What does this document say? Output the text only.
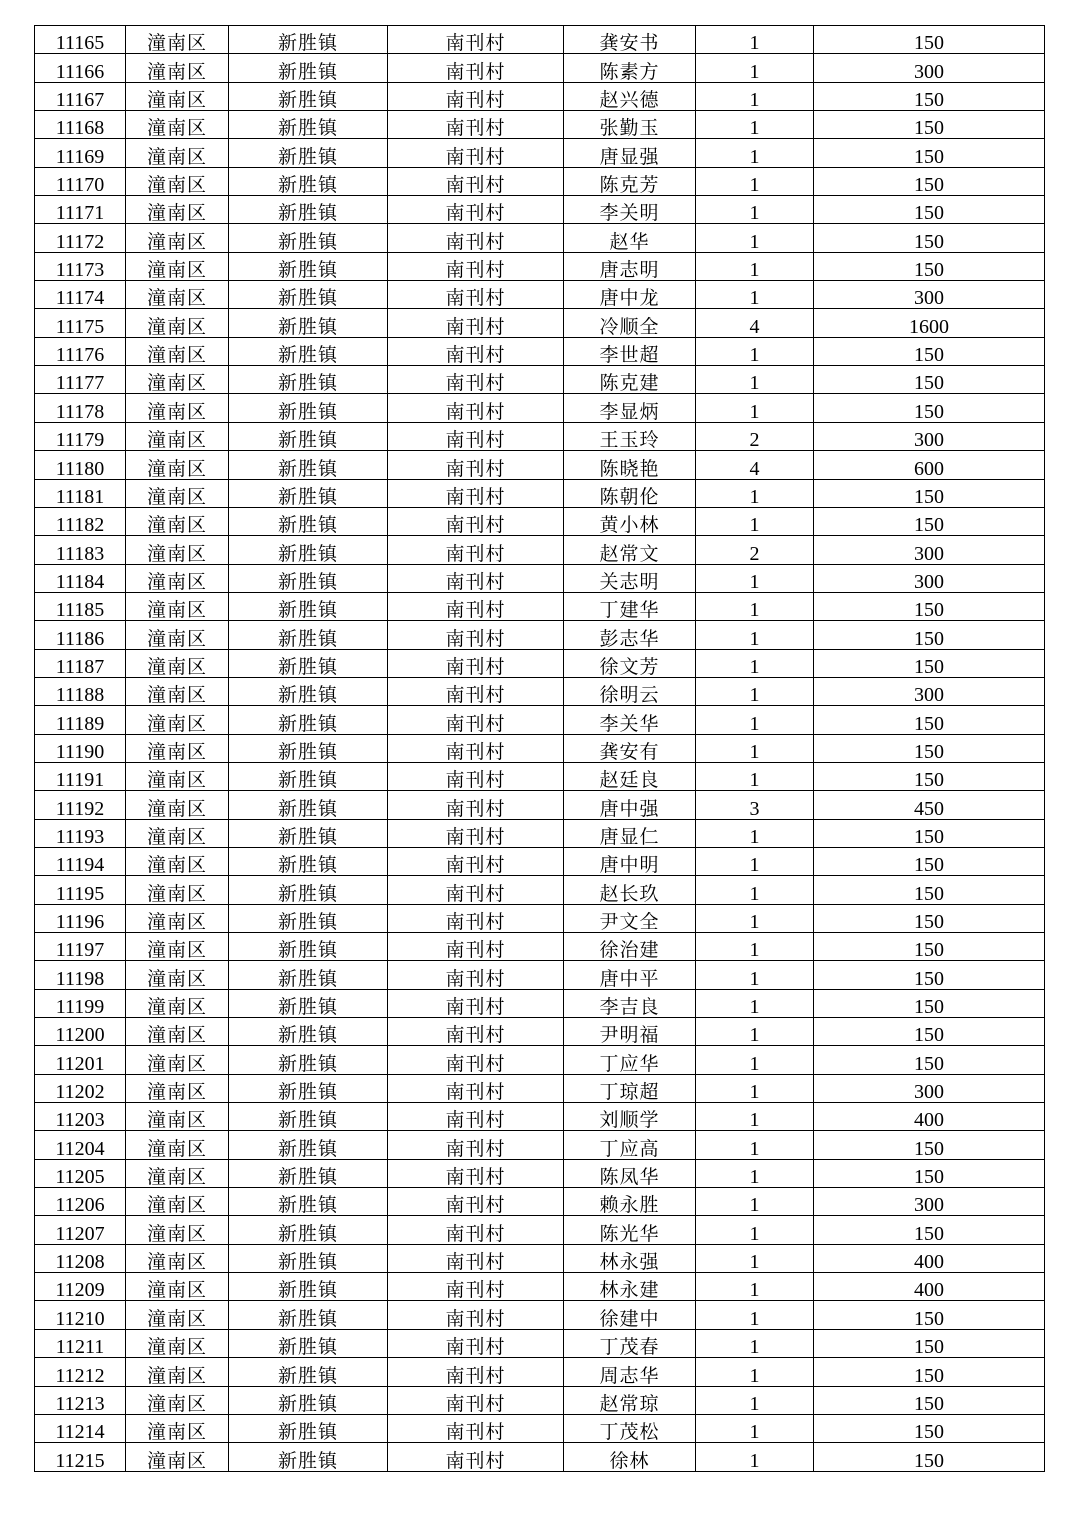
11165	潼南区	新胜镇	南刊村	龚安书	1	150
11166	潼南区	新胜镇	南刊村	陈素方	1	300
11167	潼南区	新胜镇	南刊村	赵兴德	1	150
11168	潼南区	新胜镇	南刊村	张勤玉	1	150
11169	潼南区	新胜镇	南刊村	唐显强	1	150
11170	潼南区	新胜镇	南刊村	陈克芳	1	150
11171	潼南区	新胜镇	南刊村	李关明	1	150
11172	潼南区	新胜镇	南刊村	赵华	1	150
11173	潼南区	新胜镇	南刊村	唐志明	1	150
11174	潼南区	新胜镇	南刊村	唐中龙	1	300
11175	潼南区	新胜镇	南刊村	冷顺全	4	1600
11176	潼南区	新胜镇	南刊村	李世超	1	150
11177	潼南区	新胜镇	南刊村	陈克建	1	150
11178	潼南区	新胜镇	南刊村	李显炳	1	150
11179	潼南区	新胜镇	南刊村	王玉玲	2	300
11180	潼南区	新胜镇	南刊村	陈晓艳	4	600
11181	潼南区	新胜镇	南刊村	陈朝伦	1	150
11182	潼南区	新胜镇	南刊村	黄小林	1	150
11183	潼南区	新胜镇	南刊村	赵常文	2	300
11184	潼南区	新胜镇	南刊村	关志明	1	300
11185	潼南区	新胜镇	南刊村	丁建华	1	150
11186	潼南区	新胜镇	南刊村	彭志华	1	150
11187	潼南区	新胜镇	南刊村	徐文芳	1	150
11188	潼南区	新胜镇	南刊村	徐明云	1	300
11189	潼南区	新胜镇	南刊村	李关华	1	150
11190	潼南区	新胜镇	南刊村	龚安有	1	150
11191	潼南区	新胜镇	南刊村	赵廷良	1	150
11192	潼南区	新胜镇	南刊村	唐中强	3	450
11193	潼南区	新胜镇	南刊村	唐显仁	1	150
11194	潼南区	新胜镇	南刊村	唐中明	1	150
11195	潼南区	新胜镇	南刊村	赵长玖	1	150
11196	潼南区	新胜镇	南刊村	尹文全	1	150
11197	潼南区	新胜镇	南刊村	徐治建	1	150
11198	潼南区	新胜镇	南刊村	唐中平	1	150
11199	潼南区	新胜镇	南刊村	李吉良	1	150
11200	潼南区	新胜镇	南刊村	尹明福	1	150
11201	潼南区	新胜镇	南刊村	丁应华	1	150
11202	潼南区	新胜镇	南刊村	丁琼超	1	300
11203	潼南区	新胜镇	南刊村	刘顺学	1	400
11204	潼南区	新胜镇	南刊村	丁应高	1	150
11205	潼南区	新胜镇	南刊村	陈凤华	1	150
11206	潼南区	新胜镇	南刊村	赖永胜	1	300
11207	潼南区	新胜镇	南刊村	陈光华	1	150
11208	潼南区	新胜镇	南刊村	林永强	1	400
11209	潼南区	新胜镇	南刊村	林永建	1	400
11210	潼南区	新胜镇	南刊村	徐建中	1	150
11211	潼南区	新胜镇	南刊村	丁茂春	1	150
11212	潼南区	新胜镇	南刊村	周志华	1	150
11213	潼南区	新胜镇	南刊村	赵常琼	1	150
11214	潼南区	新胜镇	南刊村	丁茂松	1	150
11215	潼南区	新胜镇	南刊村	徐林	1	150
